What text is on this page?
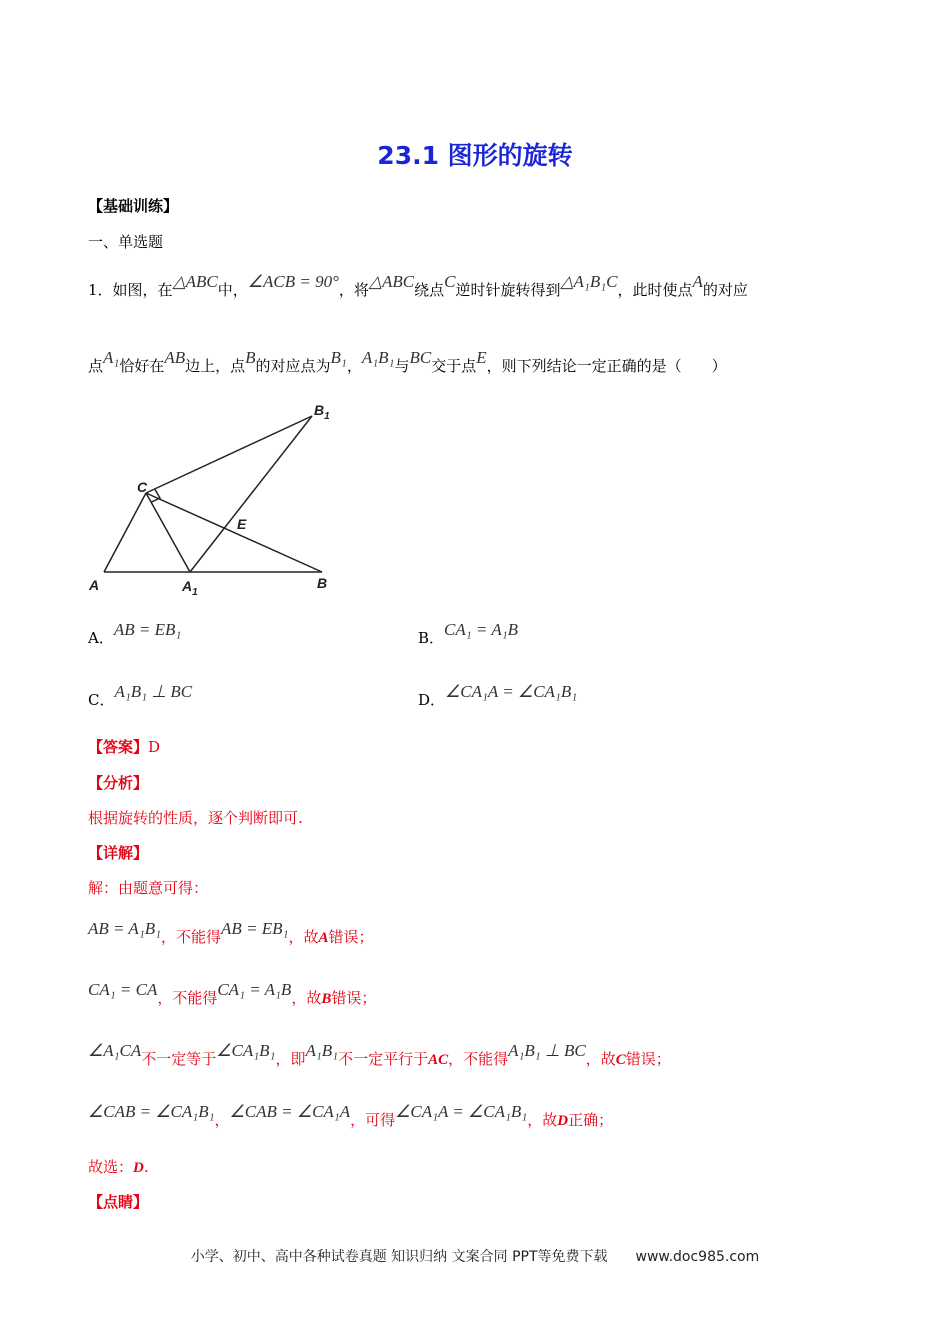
23.1 图形的旋转
【基础训练】
一、单选题
1．如图，在△ABC中，∠ACB = 90°，将△ABC绕点C逆时针旋转得到△A₁B₁C，此时使点A的对应
点A₁恰好在AB边上，点B的对应点为B₁，A₁B₁与BC交于点E，则下列结论一定正确的是（　　）
$B_1$
C
E
A	$A_1$
B
A．AB = EB₁	B．CA₁ = A₁B
C．A₁B₁ ⊥ BC	D．∠CA₁A = ∠CA₁B₁
【答案】D
【分析】
根据旋转的性质，逐个判断即可.
【详解】
解：由题意可得：
AB = A₁B₁，不能得AB = EB₁，故A错误；
CA₁ = CA，不能得CA₁ = A₁B，故B错误；
∠A₁CA不一定等于∠CA₁B₁，即A₁B₁不一定平行于AC，不能得A₁B₁ ⊥ BC，故C错误；
∠CAB = ∠CA₁B₁，∠CAB = ∠CA₁A，可得∠CA₁A = ∠CA₁B₁，故D正确；
故选：D.
【点睛】
小学、初中、高中各种试卷真题 知识归纳 文案合同 PPT等免费下载　　www.doc985.com
